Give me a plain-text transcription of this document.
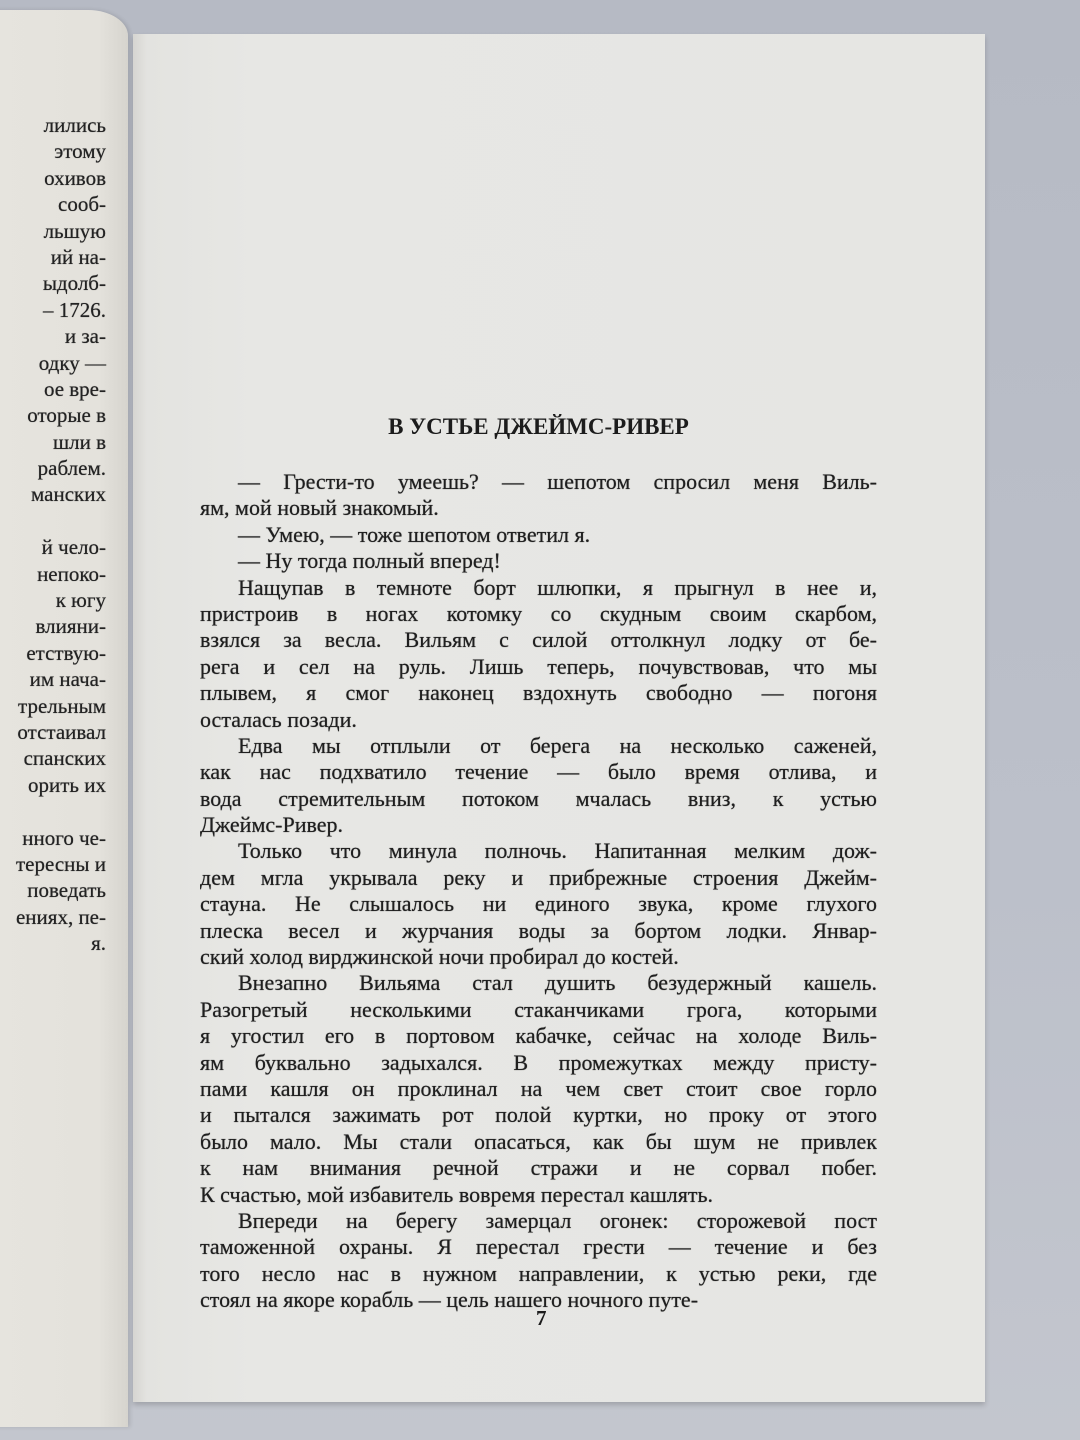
лились
этому
охивов
сооб-
льшую
ий на-
ыдолб-
– 1726.
и за-
одку —
ое вре-
оторые в
шли в
раблем.
манских
й чело-
непоко-
к югу
влияни-
етствую-
им нача-
трельным
отстаивал
спанских
орить их
нного че-
тересны и
поведать
ениях, пе-
я.
В УСТЬЕ ДЖЕЙМС-РИВЕР
— Грести-то умеешь? — шепотом спросил меня Виль-
ям, мой новый знакомый.
— Умею, — тоже шепотом ответил я.
— Ну тогда полный вперед!
Нащупав в темноте борт шлюпки, я прыгнул в нее и,
пристроив в ногах котомку со скудным своим скарбом,
взялся за весла. Вильям с силой оттолкнул лодку от бе-
рега и сел на руль. Лишь теперь, почувствовав, что мы
плывем, я смог наконец вздохнуть свободно — погоня
осталась позади.
Едва мы отплыли от берега на несколько саженей,
как нас подхватило течение — было время отлива, и
вода стремительным потоком мчалась вниз, к устью
Джеймс-Ривер.
Только что минула полночь. Напитанная мелким дож-
дем мгла укрывала реку и прибрежные строения Джейм-
стауна. Не слышалось ни единого звука, кроме глухого
плеска весел и журчания воды за бортом лодки. Январ-
ский холод вирджинской ночи пробирал до костей.
Внезапно Вильяма стал душить безудержный кашель.
Разогретый несколькими стаканчиками грога, которыми
я угостил его в портовом кабачке, сейчас на холоде Виль-
ям буквально задыхался. В промежутках между присту-
пами кашля он проклинал на чем свет стоит свое горло
и пытался зажимать рот полой куртки, но проку от этого
было мало. Мы стали опасаться, как бы шум не привлек
к нам внимания речной стражи и не сорвал побег.
К счастью, мой избавитель вовремя перестал кашлять.
Впереди на берегу замерцал огонек: сторожевой пост
таможенной охраны. Я перестал грести — течение и без
того несло нас в нужном направлении, к устью реки, где
стоял на якоре корабль — цель нашего ночного путе-
7
